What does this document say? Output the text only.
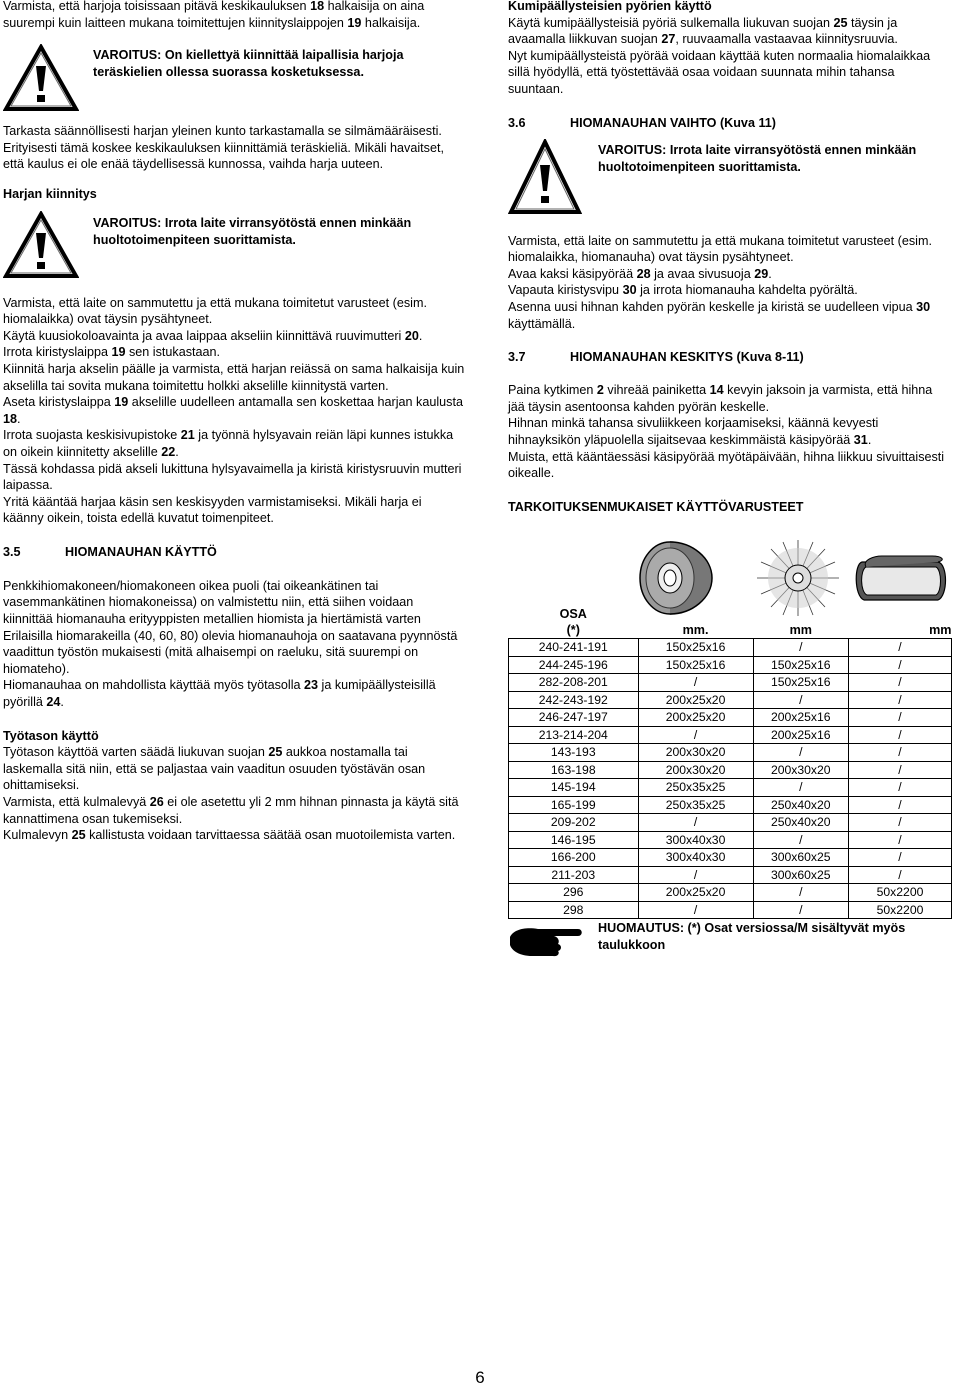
Varmista, että harjoja toisissaan pitävä keskikauluksen 18 halkaisija on aina suurempi kuin laitteen mukana toimitettujen kiinnityslaippojen 19 halkaisija.

VAROITUS: On kiellettyä kiinnittää laipallisia harjoja teräskielien ollessa suorassa kosketuksessa.

Tarkasta säännöllisesti harjan yleinen kunto tarkastamalla se silmämääräisesti. Erityisesti tämä koskee keskikauluksen kiinnittämiä teräskieliä. Mikäli havaitset, että kaulus ei ole enää täydellisessä kunnossa, vaihda harja uuteen.

Harjan kiinnitys
VAROITUS: Irrota laite virransyötöstä ennen minkään huoltotoimenpiteen suorittamista.

Varmista, että laite on sammutettu ja että mukana toimitetut varusteet (esim. hiomalaikka) ovat täysin pysähtyneet.

Käytä kuusiokoloavainta ja avaa laippaa akseliin kiinnittävä ruuvimutteri 20.

Irrota kiristyslaippa 19 sen istukastaan.

Kiinnitä harja akselin päälle ja varmista, että harjan reiässä on sama halkaisija kuin akselilla tai sovita mukana toimitettu holkki akselille kiinnitystä varten.

Aseta kiristyslaippa 19 akselille uudelleen antamalla sen koskettaa harjan kaulusta 18.

Irrota suojasta keskisivupistoke 21 ja työnnä hylsyavain reiän läpi kunnes istukka on oikein kiinnitetty akselille 22.

Tässä kohdassa pidä akseli lukittuna hylsyavaimella ja kiristä kiristysruuvin mutteri laipassa.

Yritä kääntää harjaa käsin sen keskisyyden varmistamiseksi. Mikäli harja ei käänny oikein, toista edellä kuvatut toimenpiteet.

3.5	HIOMANAUHAN KÄYTTÖ

Penkkihiomakoneen/hiomakoneen oikea puoli (tai oikeankätinen tai vasemmankätinen hiomakoneissa) on valmistettu niin, että siihen voidaan kiinnittää hiomanauha erityyppisten metallien hiomista ja hiertämistä varten

Erilaisilla hiomarakeilla (40, 60, 80) olevia hiomanauhoja on saatavana pyynnöstä vaadittun työstön mukaisesti (mitä alhaisempi on raeluku, sitä suurempi on hiomateho).

Hiomanauhaa on mahdollista käyttää myös työtasolla 23 ja kumipäällysteisillä pyörillä 24.

Työtason käyttö

Työtason käyttöä varten säädä liukuvan suojan 25 aukkoa nostamalla tai laskemalla sitä niin, että se paljastaa vain vaaditun osuuden työstävän osan ohittamiseksi.

Varmista, että kulmalevyä 26 ei ole asetettu yli 2 mm hihnan pinnasta ja käytä sitä kannattimena osan tukemiseksi.

Kulmalevyn 25 kallistusta voidaan tarvittaessa säätää osan muotoilemista varten.

Kumipäällysteisien pyörien käyttö

Käytä kumipäällysteisiä pyöriä sulkemalla liukuvan suojan 25 täysin ja avaamalla liikkuvan suojan 27, ruuvaamalla vastaavaa kiinnitysruuvia.

Nyt kumipäällysteistä pyörää voidaan käyttää kuten normaalia hiomalaikkaa sillä hyödyllä, että työstettävää osaa voidaan suunnata mihin tahansa suuntaan.

3.6	HIOMANAUHAN VAIHTO (Kuva 11)
VAROITUS: Irrota laite virransyötöstä ennen minkään huoltotoimenpiteen suorittamista.

Varmista, että laite on sammutettu ja että mukana toimitetut varusteet (esim. hiomalaikka, hiomanauha) ovat täysin pysähtyneet.

Avaa kaksi käsipyörää 28 ja avaa sivusuoja 29.

Vapauta kiristysvipu 30 ja irrota hiomanauha kahdelta pyörältä.

Asenna uusi hihnan kahden pyörän keskelle ja kiristä se uudelleen vipua 30 käyttämällä.

3.7	HIOMANAUHAN KESKITYS (Kuva 8-11)

Paina kytkimen 2 vihreää painiketta 14 kevyin jaksoin ja varmista, että hihna jää täysin asentoonsa kahden pyörän keskelle.

Hihnan minkä tahansa sivuliikkeen korjaamiseksi, käännä kevyesti hihnayksikön yläpuolella sijaitsevaa keskimmäistä käsipyörää 31.

Muista, että kääntäessäsi käsipyörää myötäpäivään, hihna liikkuu sivuittaisesti oikealle.

TARKOITUKSENMUKAISET KÄYTTÖVARUSTEET

OSA
(*)	mm.	mm	mm
240-241-191	150x25x16	/	/
244-245-196	150x25x16	150x25x16	/
282-208-201	/	150x25x16	/
242-243-192	200x25x20	/	/
246-247-197	200x25x20	200x25x16	/
213-214-204	/	200x25x16	/
143-193	200x30x20	/	/
163-198	200x30x20	200x30x20	/
145-194	250x35x25	/	/
165-199	250x35x25	250x40x20	/
209-202	/	250x40x20	/
146-195	300x40x30	/	/
166-200	300x40x30	300x60x25	/
211-203	/	300x60x25	/
296	200x25x20	/	50x2200
298	/	/	50x2200
HUOMAUTUS: (*) Osat versiossa/M sisältyvät myös taulukkoon
6
